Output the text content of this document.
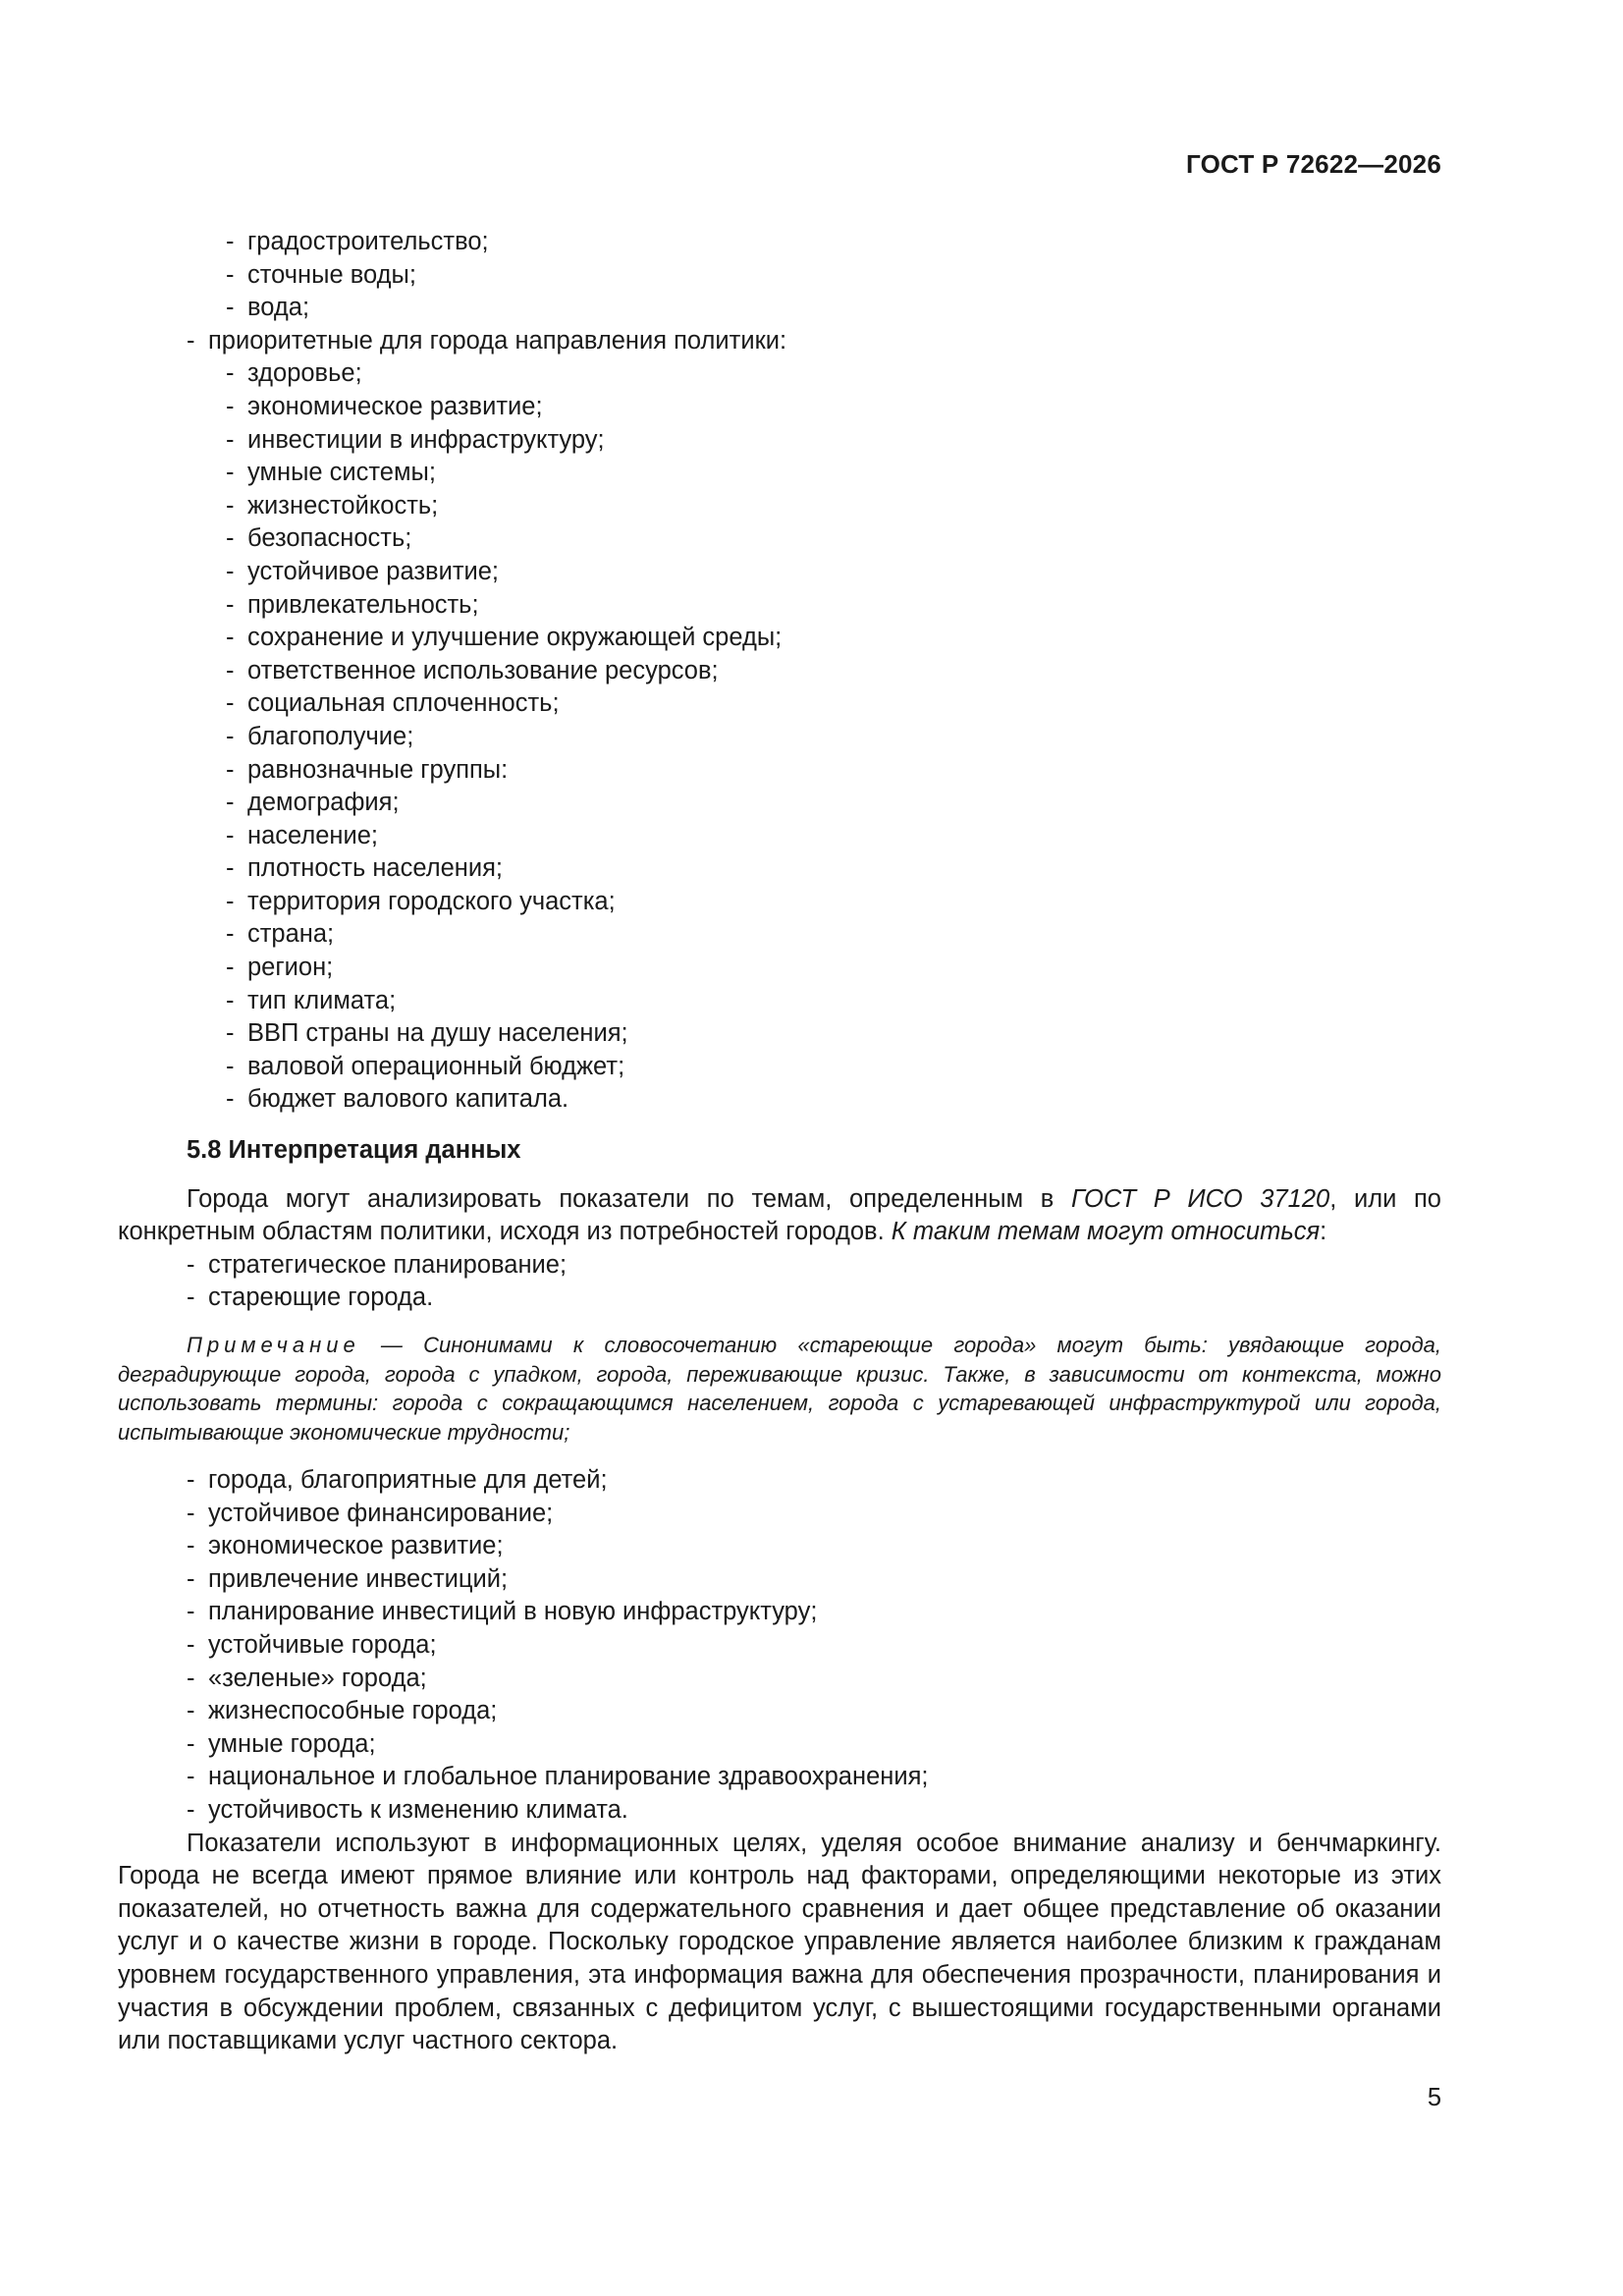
ГОСТ Р 72622—2026
- градостроительство;
- сточные воды;
- вода;
- приоритетные для города направления политики:
- здоровье;
- экономическое развитие;
- инвестиции в инфраструктуру;
- умные системы;
- жизнестойкость;
- безопасность;
- устойчивое развитие;
- привлекательность;
- сохранение и улучшение окружающей среды;
- ответственное использование ресурсов;
- социальная сплоченность;
- благополучие;
- равнозначные группы:
- демография;
- население;
- плотность населения;
- территория городского участка;
- страна;
- регион;
- тип климата;
- ВВП страны на душу населения;
- валовой операционный бюджет;
- бюджет валового капитала.
5.8 Интерпретация данных

Города могут анализировать показатели по темам, определенным в ГОСТ Р ИСО 37120, или по конкретным областям политики, исходя из потребностей городов. К таким темам могут относиться:

- стратегическое планирование;
- стареющие города.

Примечание — Синонимами к словосочетанию «стареющие города» могут быть: увядающие города, деградирующие города, города с упадком, города, переживающие кризис. Также, в зависимости от контекста, можно использовать термины: города с сокращающимся населением, города с устаревающей инфраструктурой или города, испытывающие экономические трудности;

- города, благоприятные для детей;
- устойчивое финансирование;
- экономическое развитие;
- привлечение инвестиций;
- планирование инвестиций в новую инфраструктуру;
- устойчивые города;
- «зеленые» города;
- жизнеспособные города;
- умные города;
- национальное и глобальное планирование здравоохранения;
- устойчивость к изменению климата.

Показатели используют в информационных целях, уделяя особое внимание анализу и бенчмаркингу. Города не всегда имеют прямое влияние или контроль над факторами, определяющими некоторые из этих показателей, но отчетность важна для содержательного сравнения и дает общее представление об оказании услуг и о качестве жизни в городе. Поскольку городское управление является наиболее близким к гражданам уровнем государственного управления, эта информация важна для обеспечения прозрачности, планирования и участия в обсуждении проблем, связанных с дефицитом услуг, с вышестоящими государственными органами или поставщиками услуг частного сектора.

5
